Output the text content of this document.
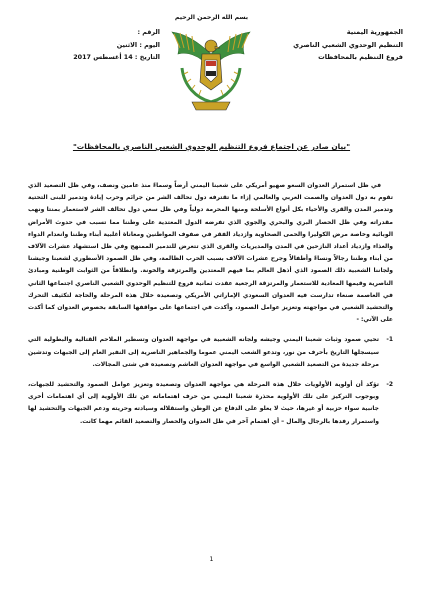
بسم الله الرحمن الرحيم
الجمهورية اليمنية
التنظيم الوحدوي الشعبي الناصري
فروع التنظيم بالمحافظات
الرقم :
اليوم : الاثنين
التاريخ : 14 أغسطس 2017
"بيان صادر عن اجتماع فروع التنظيم الوحدوي الشعبي الناصري بالمحافظات"

في ظل استمرار العدوان السعو صهيو أمريكي على شعبنا اليمني أرضاً وسماءً منذ عامين ونصف، وفي ظل التصعيد الذي تقوم به دول العدوان والصمت العربي والعالمي إزاء ما تقترفه دول تحالف الشر من جرائم وحرب إبادة وتدمير للبنى التحتية وتدمير المدن والقرى والأحياء بكل أنواع الأسلحة ومنها المحرمة دولياً وفي ظل سعي دول تحالف الشر لاستعمار بمنتا ونهب مقدراته وفي ظل الحصار البري والبحري والجوي الذي تفرضه الدول المعتدية على وطننا مما تسبب في حدوث الأمراض الوبائية وخاصة مرض الكوليرا والحمى الصحاوية وازدياد الفقر في صفوف المواطنين ومعاناة أغلبية أبناء وطننا وانعدام الدواء والغذاء وازدياد أعداد النازحين في المدن والمديريات والقرى الذي تتعرض للتدمير الممنهج وفي ظل استشهاد عشرات الآلاف من أبناء وطننا رجالاً ونساءً وأطفالاً وجرح عشرات الآلاف بسبب الحرب الظالمة، وفي ظل الصمود الأسطوري لشعبنا وجيشنا ولجاننا الشعبية ذلك الصمود الذي أذهل العالم بما فيهم المعتدين والمرتزقة والخونة. وانطلاقاً من الثوابت الوطنية ومبادئ الناصرية وقيمها المعادية للاستعمار والمرتزقة الرجعية عقدت ثمانية فروع للتنظيم الوحدوي الشعبي الناصري اجتماعها الثاني في العاصمة صنعاء تدارست فيه العدوان السعودي الإماراتي الأمريكي وتصعيده خلال هذه المرحلة والحاجة لتكثيف التحرك والتحشيد الشعبي في مواجهته وتعزيز عوامل الصمود، وأكدت في اجتماعها على مواقفها السابقة بخصوص العدوان كما أكدت على الآتي: -

1-
تحيي صمود وثبات شعبنا اليمني وجيشه ولجانه الشعبية في مواجهة العدوان وتسطير الملاحم القتالية والبطولية التي سيسجلها التاريخ بأحرف من نور، وتدعو الشعب اليمني عموما والجماهير الناصرية إلى النفير العام إلى الجبهات وتدشين مرحلة جديدة من التصعيد الشعبي الواسع في مواجهة العدوان الغاشم وتصعيده في شتى المجالات.
2-
تؤكد أن أولوية الأولويات خلال هذه المرحلة هي مواجهة العدوان وتصعيده وتعزيز عوامل الصمود والتحشيد للجبهات، وبوجوب التركيز على تلك الأولوية محذرة شعبنا اليمني من حرف اهتماماته عن تلك الأولوية إلى أي اهتمامات أخرى جانبية سواء حزبية أو غيرها، حيث لا يعلو على الدفاع عن الوطن واستقلاله وسيادته وحريته ودعم الجبهات والتحشيد لها واستمرار رفدها بالرجال والمال – أي اهتمام آخر في ظل العدوان والحصار والتصعيد القائم مهما كانت.
1
